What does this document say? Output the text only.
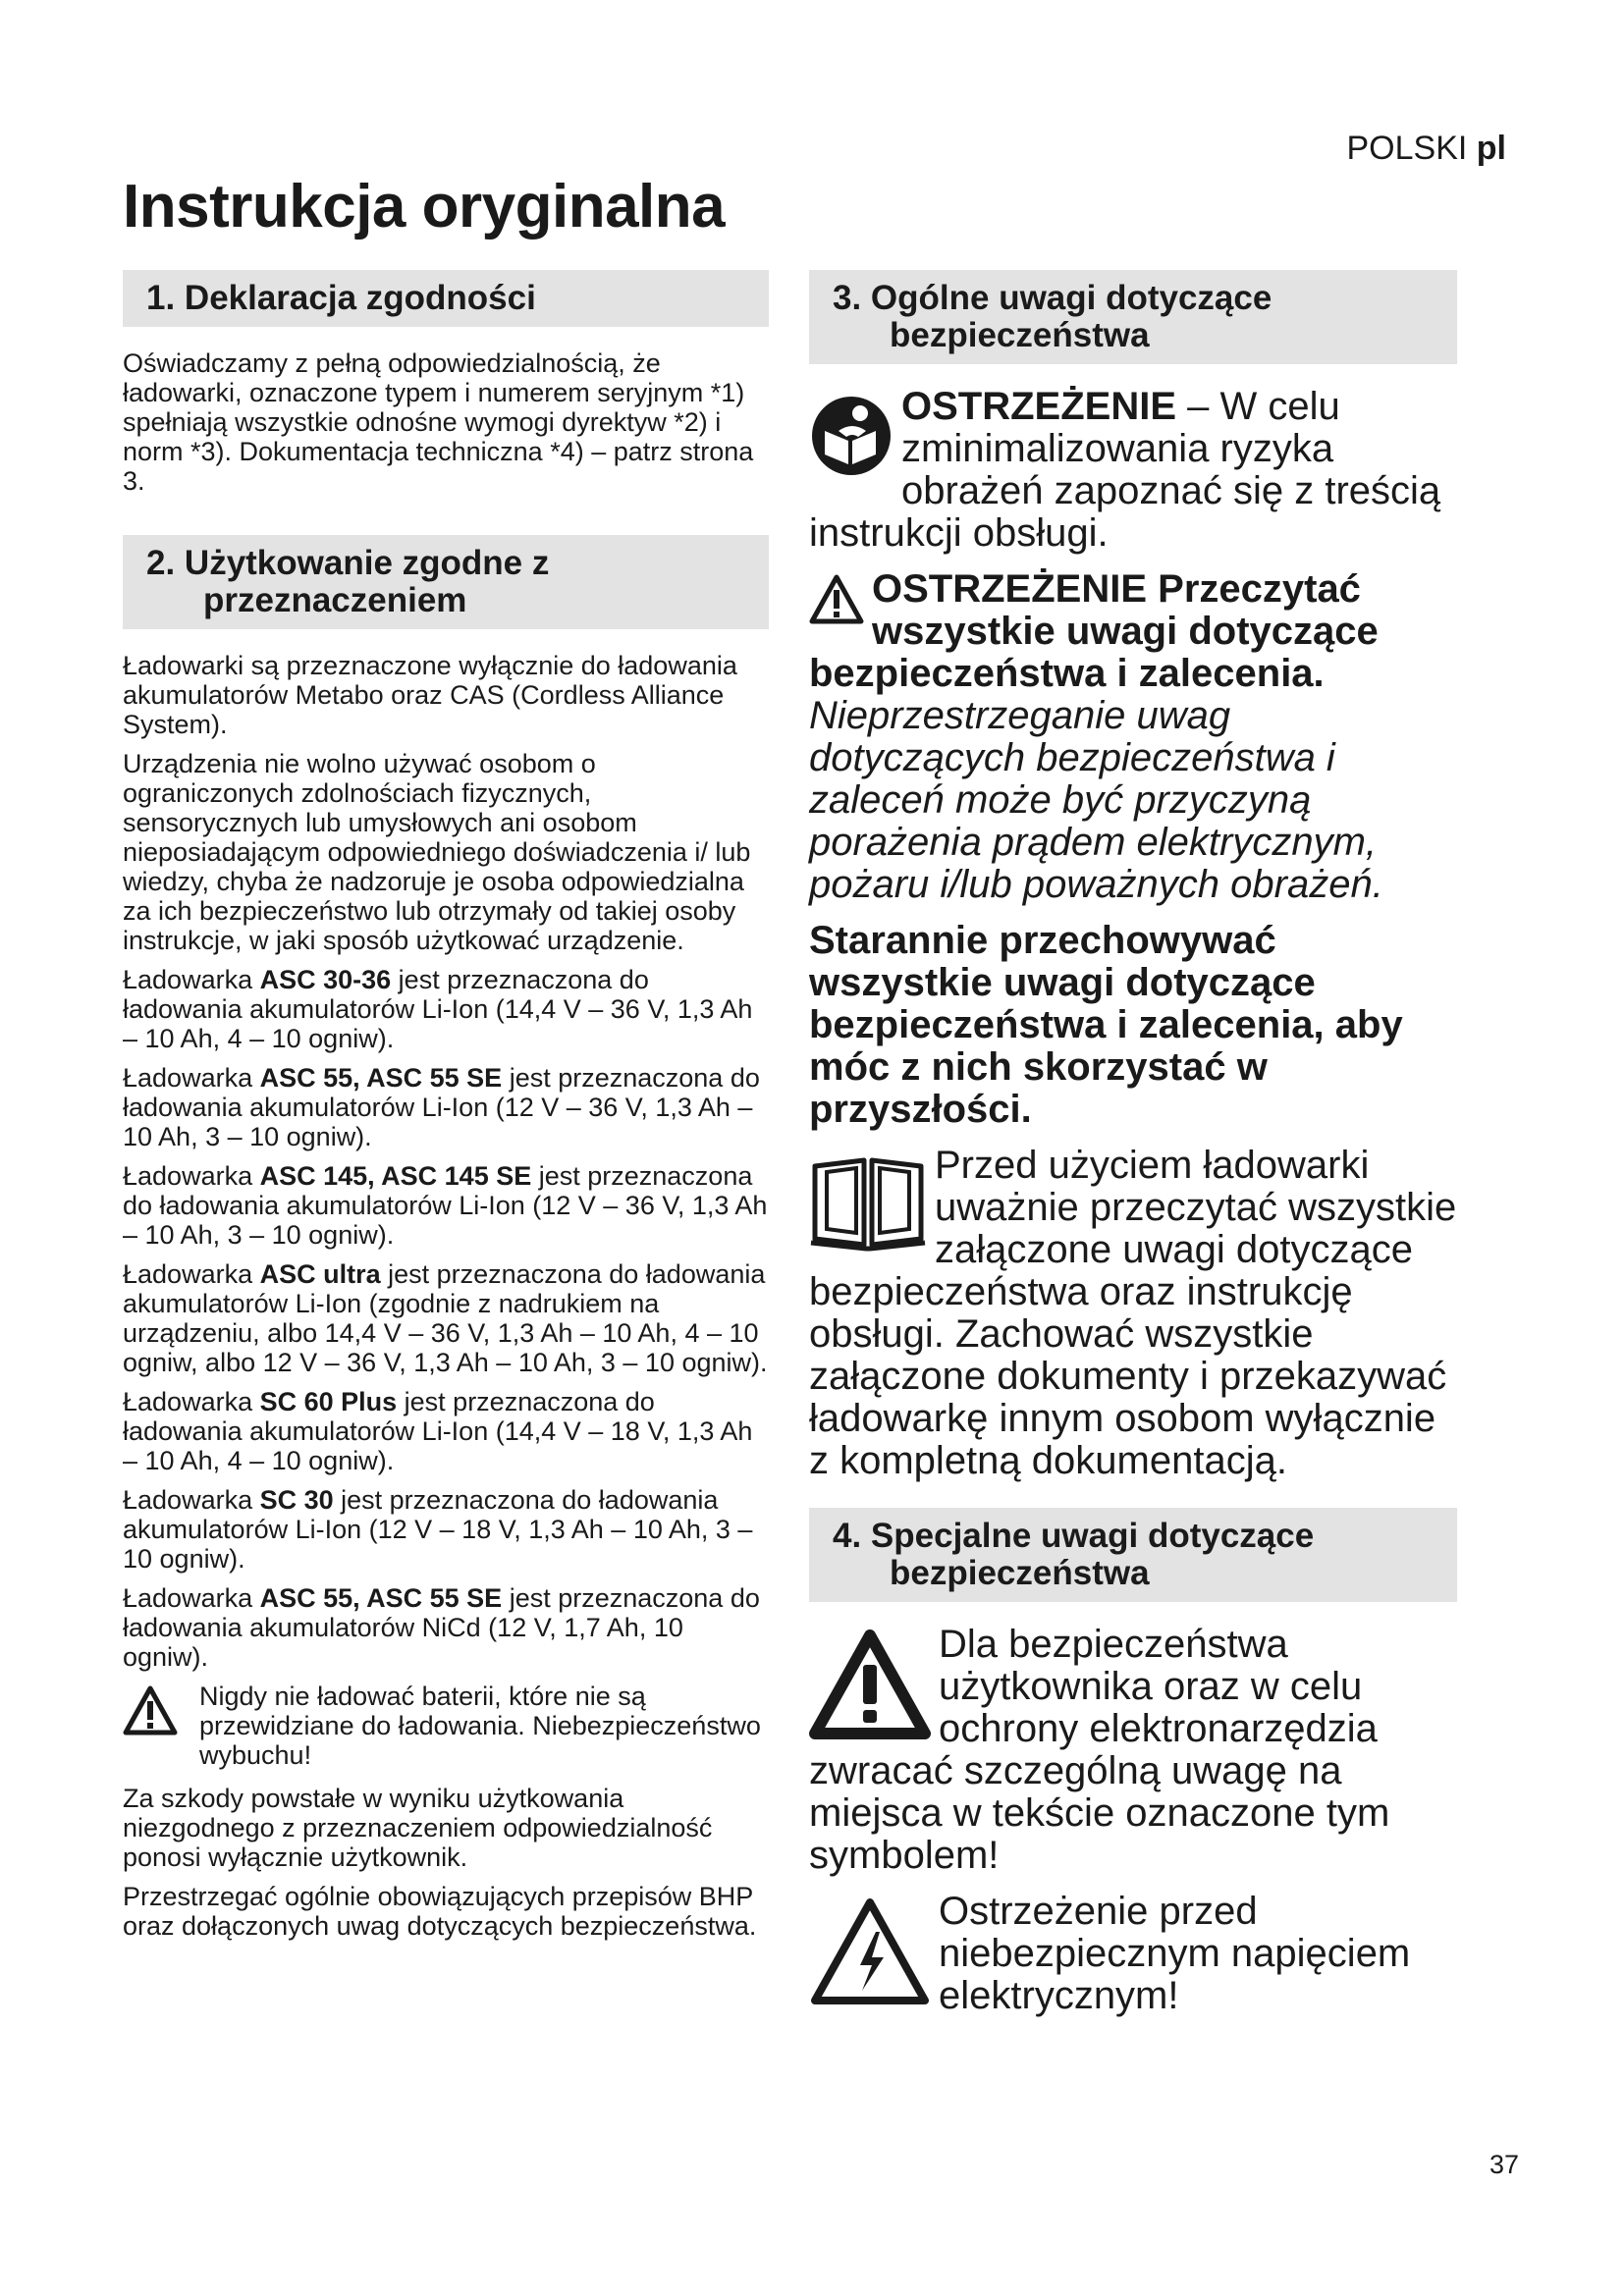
POLSKI pl
Instrukcja oryginalna
1. Deklaracja zgodności

Oświadczamy z pełną odpowiedzialnością, że ładowarki, oznaczone typem i numerem seryjnym *1) spełniają wszystkie odnośne wymogi dyrektyw *2) i norm *3). Dokumentacja techniczna *4) – patrz strona 3.

2. Użytkowanie zgodne z
przeznaczeniem

Ładowarki są przeznaczone wyłącznie do ładowania akumulatorów Metabo oraz CAS (Cordless Alliance System).

Urządzenia nie wolno używać osobom o ograniczonych zdolnościach fizycznych, sensorycznych lub umysłowych ani osobom nieposiadającym odpowiedniego doświadczenia i/ lub wiedzy, chyba że nadzoruje je osoba odpowiedzialna za ich bezpieczeństwo lub otrzymały od takiej osoby instrukcje, w jaki sposób użytkować urządzenie.

Ładowarka ASC 30-36 jest przeznaczona do ładowania akumulatorów Li-Ion (14,4 V – 36 V, 1,3 Ah – 10 Ah, 4 – 10 ogniw).

Ładowarka ASC 55, ASC 55 SE jest przeznaczona do ładowania akumulatorów Li-Ion (12 V – 36 V, 1,3 Ah – 10 Ah, 3 – 10 ogniw).

Ładowarka ASC 145, ASC 145 SE jest przeznaczona do ładowania akumulatorów Li-Ion (12 V – 36 V, 1,3 Ah – 10 Ah, 3 – 10 ogniw).

Ładowarka ASC ultra jest przeznaczona do ładowania akumulatorów Li-Ion (zgodnie z nadrukiem na urządzeniu, albo 14,4 V – 36 V, 1,3 Ah – 10 Ah, 4 – 10 ogniw, albo 12 V – 36 V, 1,3 Ah – 10 Ah, 3 – 10 ogniw).

Ładowarka SC 60 Plus jest przeznaczona do ładowania akumulatorów Li-Ion (14,4 V – 18 V, 1,3 Ah – 10 Ah, 4 – 10 ogniw).

Ładowarka SC 30 jest przeznaczona do ładowania akumulatorów Li-Ion (12 V – 18 V, 1,3 Ah – 10 Ah, 3 – 10 ogniw).

Ładowarka ASC 55, ASC 55 SE jest przeznaczona do ładowania akumulatorów NiCd (12 V, 1,7 Ah, 10 ogniw).

Nigdy nie ładować baterii, które nie są przewidziane do ładowania. Niebezpieczeństwo wybuchu!

Za szkody powstałe w wyniku użytkowania niezgodnego z przeznaczeniem odpowiedzialność ponosi wyłącznie użytkownik.

Przestrzegać ogólnie obowiązujących przepisów BHP oraz dołączonych uwag dotyczących bezpieczeństwa.

3. Ogólne uwagi dotyczące
bezpieczeństwa
OSTRZEŻENIE – W celu zminimalizowania ryzyka obrażeń zapoznać się z treścią instrukcji obsługi.
OSTRZEŻENIE Przeczytać wszystkie uwagi dotyczące bezpieczeństwa i zalecenia. Nieprzestrzeganie uwag dotyczących bezpieczeństwa i zaleceń może być przyczyną porażenia prądem elektrycznym, pożaru i/lub poważnych obrażeń.
Starannie przechowywać wszystkie uwagi dotyczące bezpieczeństwa i zalecenia, aby móc z nich skorzystać w przyszłości.
Przed użyciem ładowarki uważnie przeczytać wszystkie załączone uwagi dotyczące bezpieczeństwa oraz instrukcję obsługi. Zachować wszystkie załączone dokumenty i przekazywać ładowarkę innym osobom wyłącznie z kompletną dokumentacją.
4. Specjalne uwagi dotyczące
bezpieczeństwa
Dla bezpieczeństwa użytkownika oraz w celu ochrony elektronarzędzia zwracać szczególną uwagę na miejsca w tekście oznaczone tym symbolem!
Ostrzeżenie przed niebezpiecznym napięciem elektrycznym!
37
